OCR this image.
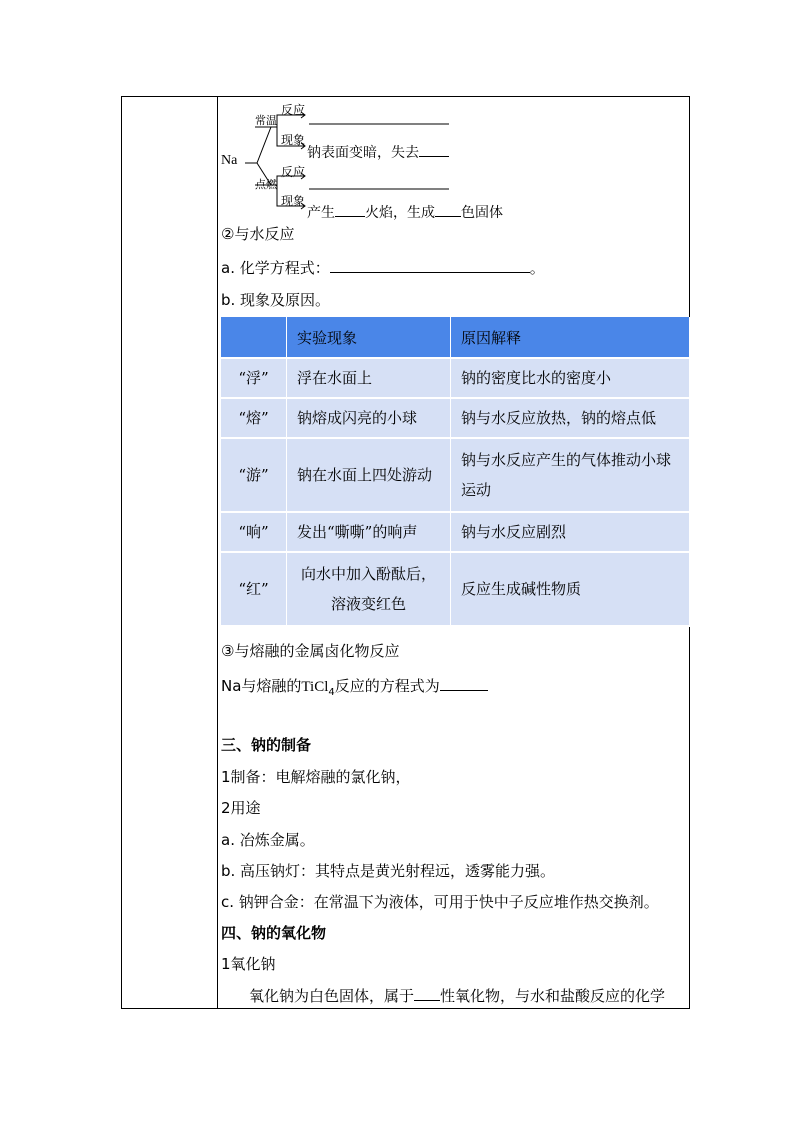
Na
常温
点燃
反应
现象
反应
现象
钠表面变暗，失去
产生 火焰，生成 色固体
②与水反应
a. 化学方程式：	。
b. 现象及原因。
	实验现象	原因解释
“浮”	浮在水面上	钠的密度比水的密度小
“熔”	钠熔成闪亮的小球	钠与水反应放热，钠的熔点低
“游”	钠在水面上四处游动	钠与水反应产生的气体推动小球运动
“响”	发出“嘶嘶”的响声	钠与水反应剧烈
“红”	向水中加入酚酞后，溶液变红色	反应生成碱性物质
③与熔融的金属卤化物反应
Na与熔融的TiCl$_4$反应的方程式为
三、钠的制备
1制备：电解熔融的氯化钠，
2用途
a. 冶炼金属。
b. 高压钠灯：其特点是黄光射程远，透雾能力强。
c. 钠钾合金：在常温下为液体，可用于快中子反应堆作热交换剂。
四、钠的氧化物
1氧化钠
氧化钠为白色固体，属于 性氧化物，与水和盐酸反应的化学
